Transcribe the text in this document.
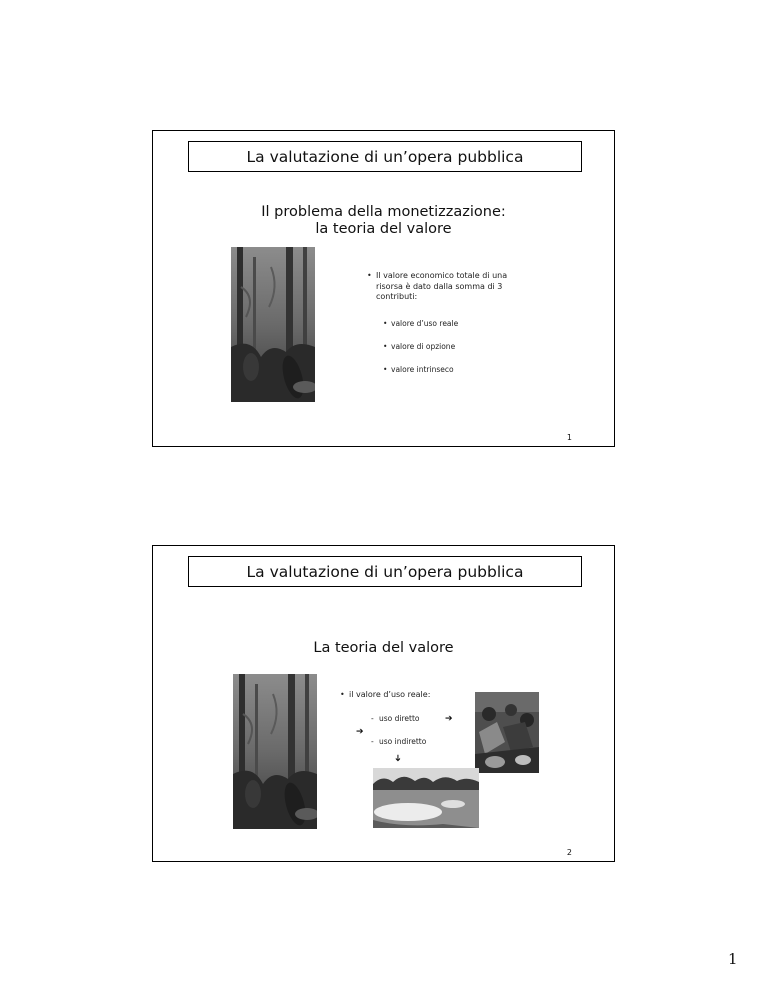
La valutazione di un’opera pubblica
Il problema della monetizzazione:
la teoria del valore
• Il valore economico totale di una
risorsa è dato dalla somma di 3
contributi:
• valore d’uso reale
• valore di opzione
• valore intrinseco
1
La valutazione di un’opera pubblica
La teoria del valore
• il valore d’uso reale:
- uso diretto	➔
➔
- uso indiretto
➔
2
1
